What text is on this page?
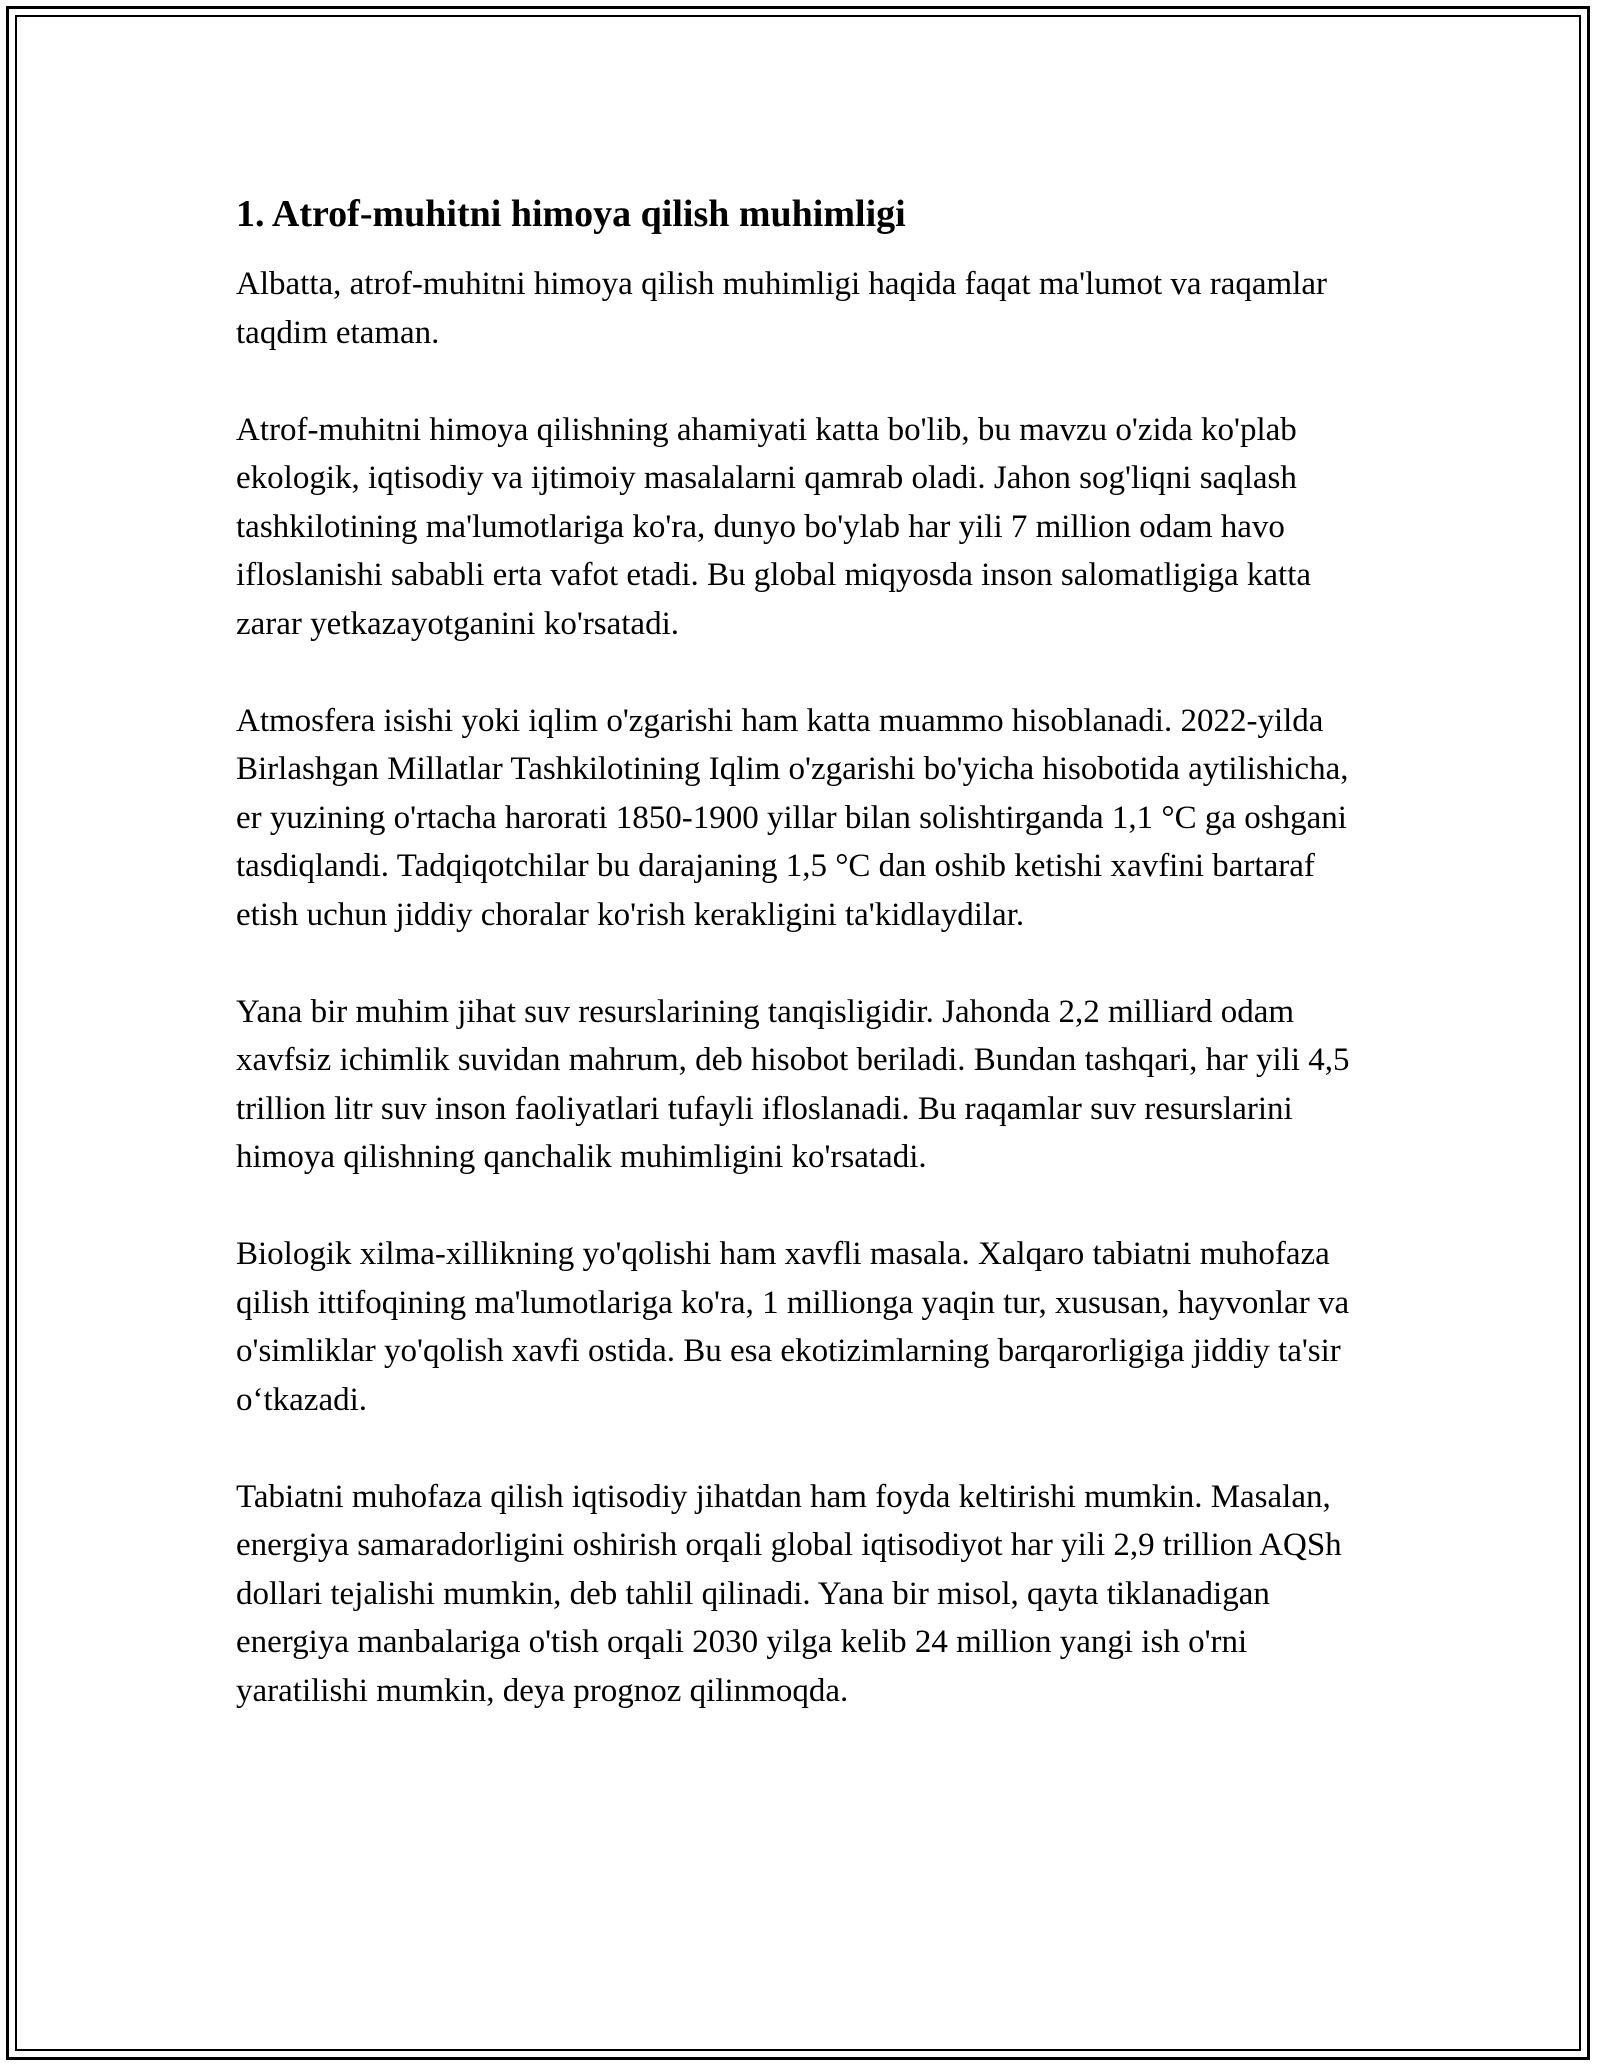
1. Atrof-muhitni himoya qilish muhimligi

Albatta, atrof-muhitni himoya qilish muhimligi haqida faqat ma'lumot va raqamlar taqdim etaman.

Atrof-muhitni himoya qilishning ahamiyati katta bo'lib, bu mavzu o'zida ko'plab ekologik, iqtisodiy va ijtimoiy masalalarni qamrab oladi. Jahon sog'liqni saqlash tashkilotining ma'lumotlariga ko'ra, dunyo bo'ylab har yili 7 million odam havo ifloslanishi sababli erta vafot etadi. Bu global miqyosda inson salomatligiga katta zarar yetkazayotganini ko'rsatadi.

Atmosfera isishi yoki iqlim o'zgarishi ham katta muammo hisoblanadi. 2022-yilda Birlashgan Millatlar Tashkilotining Iqlim o'zgarishi bo'yicha hisobotida aytilishicha, er yuzining o'rtacha harorati 1850-1900 yillar bilan solishtirganda 1,1 °C ga oshgani tasdiqlandi. Tadqiqotchilar bu darajaning 1,5 °C dan oshib ketishi xavfini bartaraf etish uchun jiddiy choralar ko'rish kerakligini ta'kidlaydilar.

Yana bir muhim jihat suv resurslarining tanqisligidir. Jahonda 2,2 milliard odam xavfsiz ichimlik suvidan mahrum, deb hisobot beriladi. Bundan tashqari, har yili 4,5 trillion litr suv inson faoliyatlari tufayli ifloslanadi. Bu raqamlar suv resurslarini himoya qilishning qanchalik muhimligini ko'rsatadi.

Biologik xilma-xillikning yo'qolishi ham xavfli masala. Xalqaro tabiatni muhofaza qilish ittifoqining ma'lumotlariga ko'ra, 1 millionga yaqin tur, xususan, hayvonlar va o'simliklar yo'qolish xavfi ostida. Bu esa ekotizimlarning barqarorligiga jiddiy ta'sir o‘tkazadi.

Tabiatni muhofaza qilish iqtisodiy jihatdan ham foyda keltirishi mumkin. Masalan, energiya samaradorligini oshirish orqali global iqtisodiyot har yili 2,9 trillion AQSh dollari tejalishi mumkin, deb tahlil qilinadi. Yana bir misol, qayta tiklanadigan energiya manbalariga o'tish orqali 2030 yilga kelib 24 million yangi ish o'rni yaratilishi mumkin, deya prognoz qilinmoqda.
